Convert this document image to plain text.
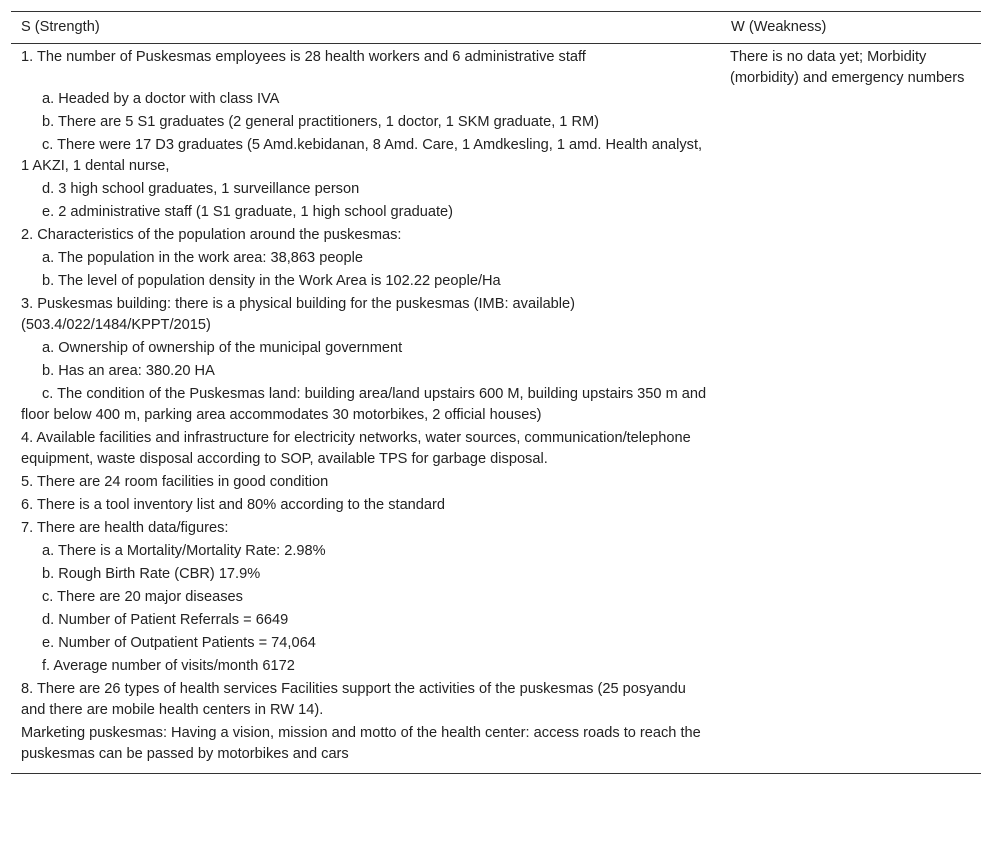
S (Strength)	W (Weakness)
1. The number of Puskesmas employees is 28 health workers and 6 administrative staff
a. Headed by a doctor with class IVA
b. There are 5 S1 graduates (2 general practitioners, 1 doctor, 1 SKM graduate, 1 RM)
c. There were 17 D3 graduates (5 Amd.kebidanan, 8 Amd. Care, 1 Amdkesling, 1 amd. Health analyst, 1 AKZI, 1 dental nurse,
d. 3 high school graduates, 1 surveillance person
e. 2 administrative staff (1 S1 graduate, 1 high school graduate)
2. Characteristics of the population around the puskesmas:
a. The population in the work area: 38,863 people
b. The level of population density in the Work Area is 102.22 people/Ha
3. Puskesmas building: there is a physical building for the puskesmas (IMB: available) (503.4/022/1484/KPPT/2015)
a. Ownership of ownership of the municipal government
b. Has an area: 380.20 HA
c. The condition of the Puskesmas land: building area/land upstairs 600 M, building upstairs 350 m and floor below 400 m, parking area accommodates 30 motorbikes, 2 official houses)
4. Available facilities and infrastructure for electricity networks, water sources, communication/telephone equipment, waste disposal according to SOP, available TPS for garbage disposal.
5. There are 24 room facilities in good condition
6. There is a tool inventory list and 80% according to the standard
7. There are health data/figures:
a. There is a Mortality/Mortality Rate: 2.98%
b. Rough Birth Rate (CBR) 17.9%
c. There are 20 major diseases
d. Number of Patient Referrals = 6649
e. Number of Outpatient Patients = 74,064
f. Average number of visits/month 6172
8. There are 26 types of health services Facilities support the activities of the puskesmas (25 posyandu and there are mobile health centers in RW 14).
Marketing puskesmas: Having a vision, mission and motto of the health center: access roads to reach the puskesmas can be passed by motorbikes and cars
There is no data yet; Morbidity (morbidity) and emergency numbers
